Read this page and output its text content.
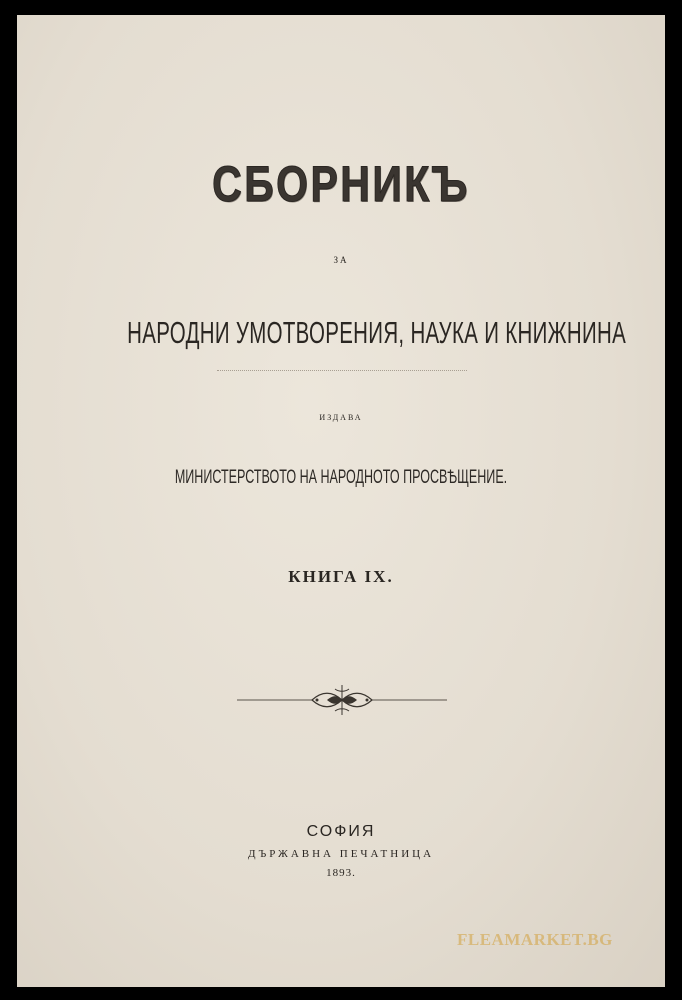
СБОРНИКЪ
ЗА
НАРОДНИ УМОТВОРЕНИЯ, НАУКА И КНИЖНИНА
ИЗДАВА
МИНИСТЕРСТВОТО НА НАРОДНОТО ПРОСВѢЩЕНИЕ.
КНИГА IX.
СОФИЯ
ДЪРЖАВНА ПЕЧАТНИЦА
1893.
FLEAMARKET.BG
